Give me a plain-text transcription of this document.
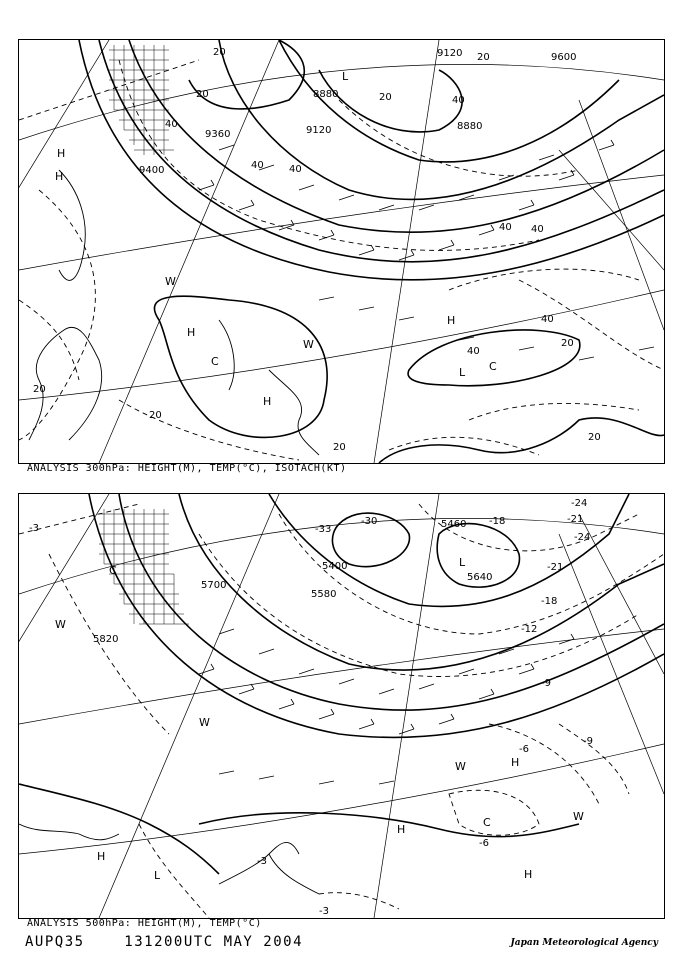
9120 20	9600
20
8880	20
8880
40
20
9360
40
9120
40
9400	40
40 40
40
20
40
20
20
20
20
L
H
H
H
C
W
W
H
C
L
H
ANALYSIS 300hPa: HEIGHT(M), TEMP(°C), ISOTACH(KT)
-33
-30	5460 -18
-24
-3
-24
-21
5640
5400	-21
5700
5580
-18
5820
-12
-9
-6
-3
-9
-3
-6
L
H
H
C
W
W
H
L	H
W
W
C
ANALYSIS 500hPa: HEIGHT(M), TEMP(°C)
AUPQ35    131200UTC MAY 2004	Japan Meteorological Agency
